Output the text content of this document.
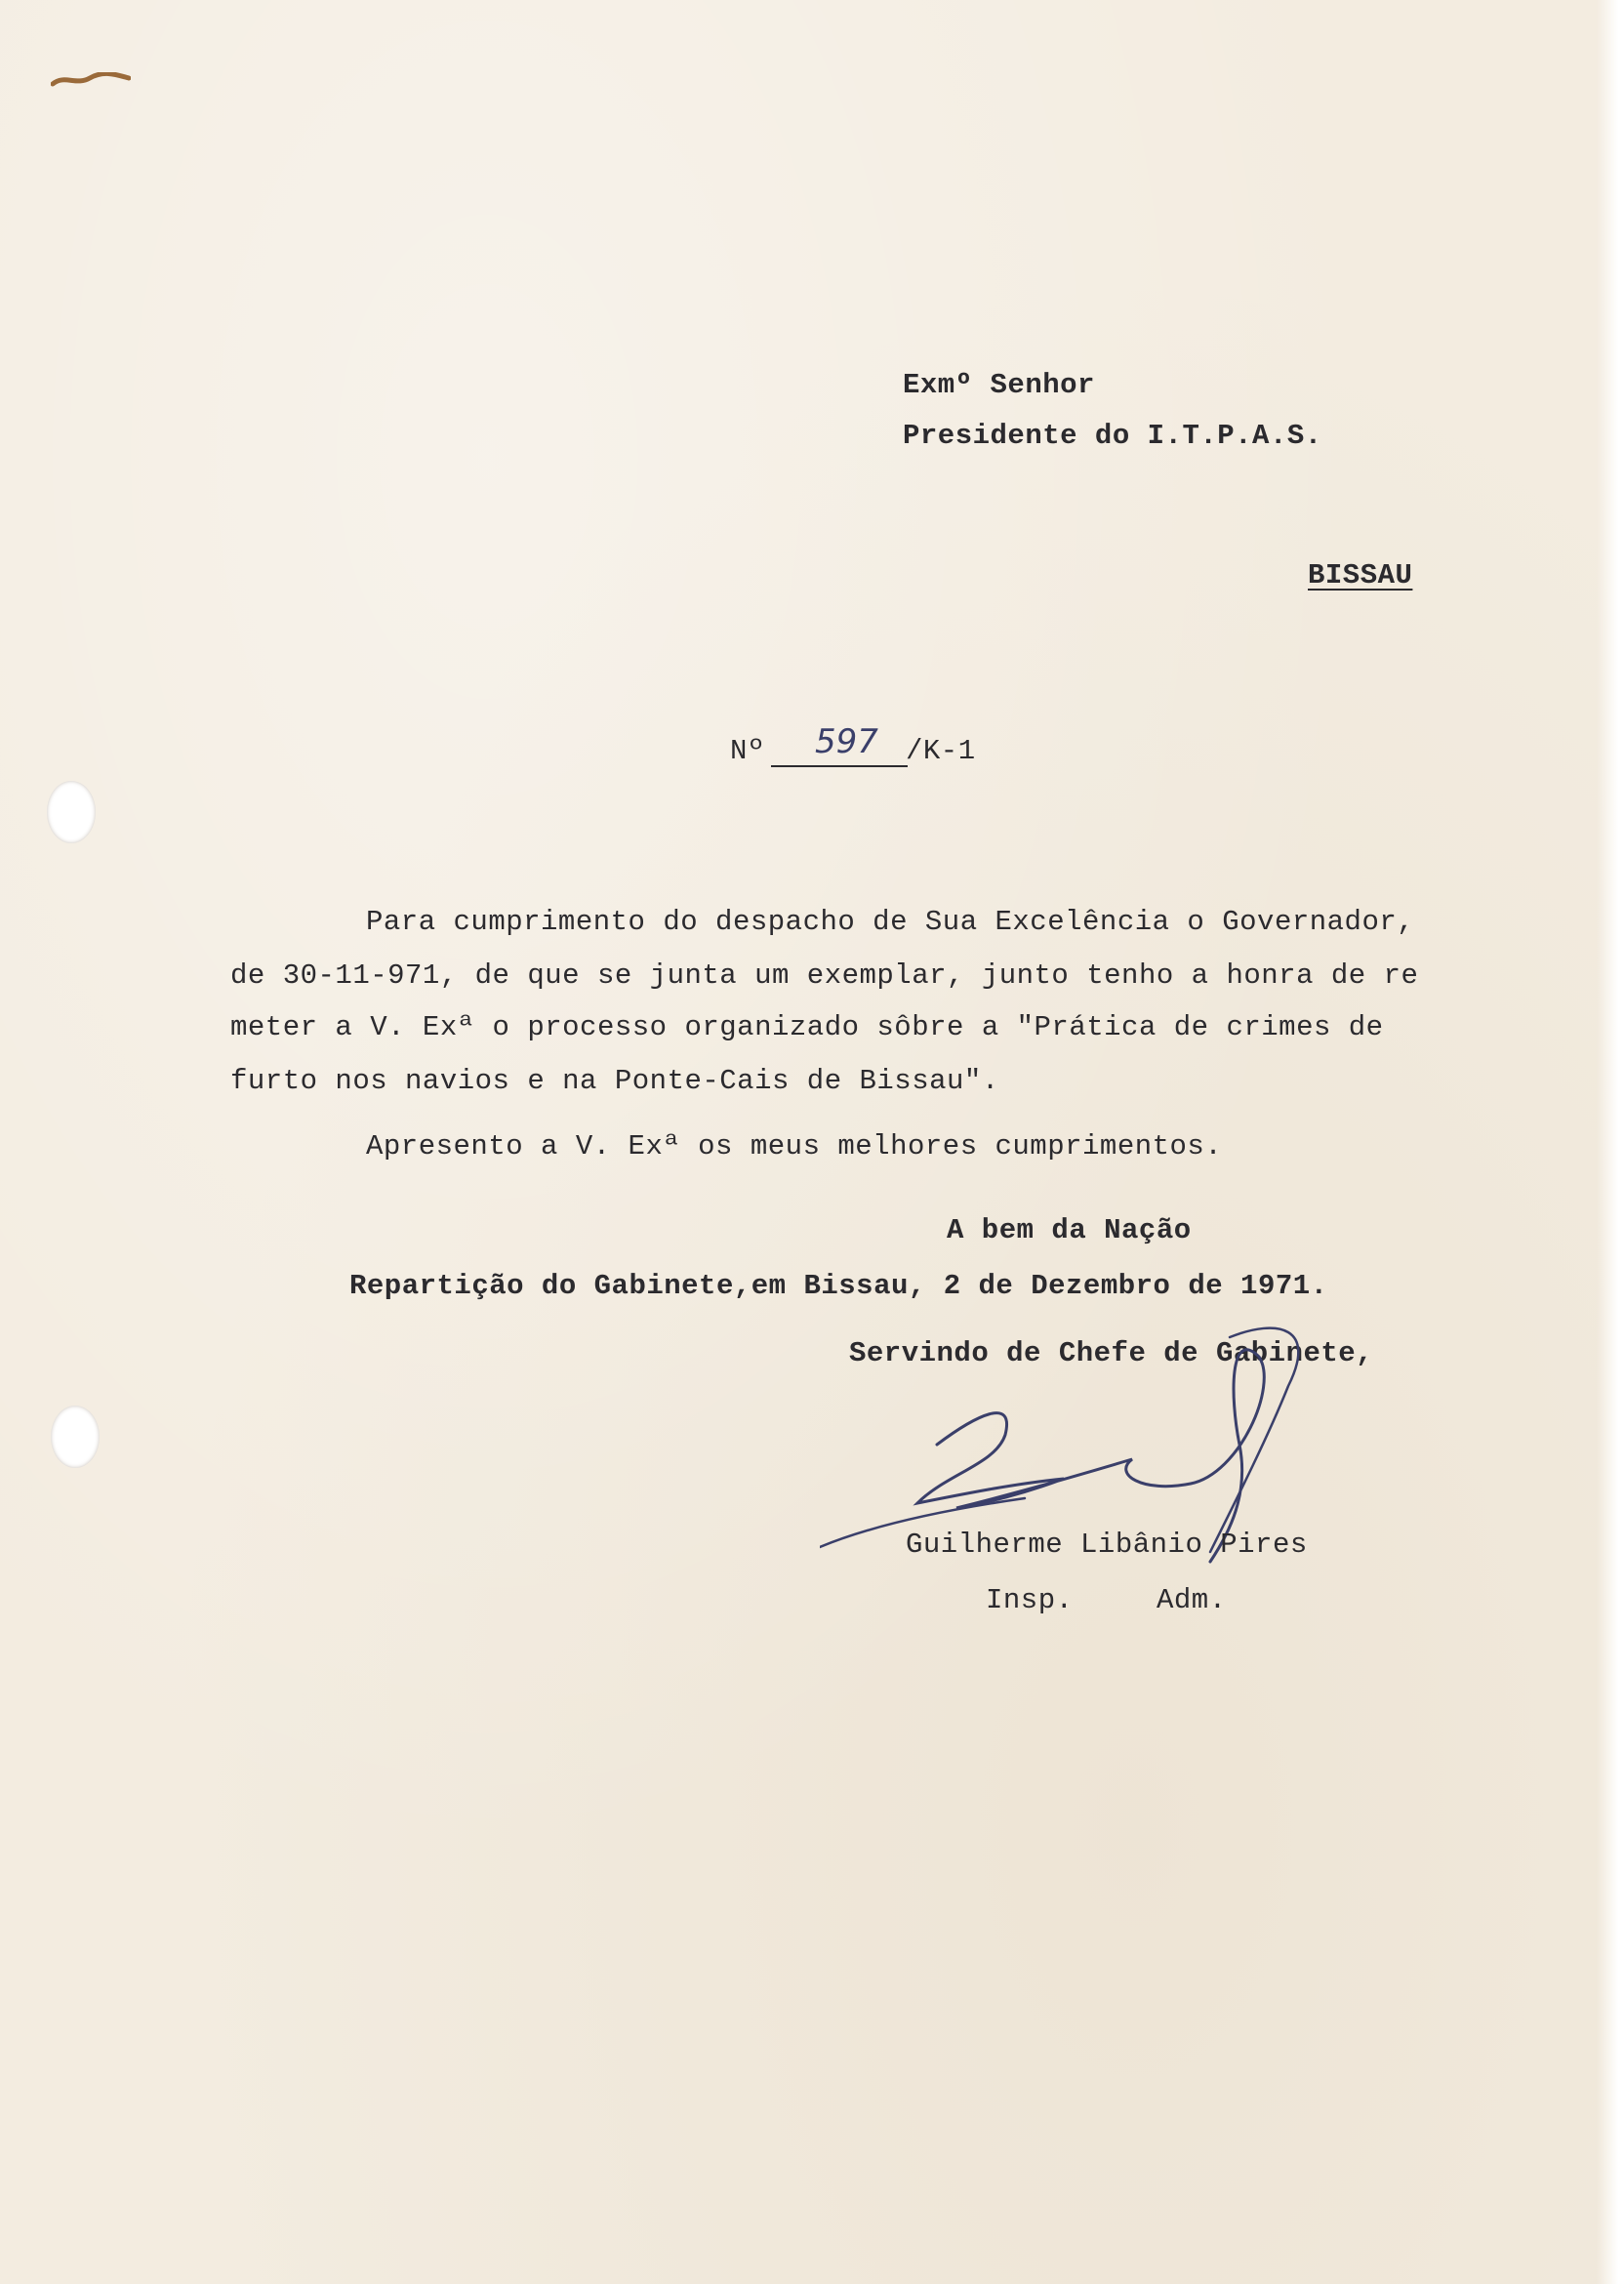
Exmº Senhor
Presidente do I.T.P.A.S.
BISSAU
Nº 597 /K-1
Para cumprimento do despacho de Sua Excelência o Governador,
de 30-11-971, de que se junta um exemplar, junto tenho a honra de re
meter a V. Exª o processo organizado sôbre a "Prática de crimes de
furto nos navios e na Ponte-Cais de Bissau".
Apresento a V. Exª os meus melhores cumprimentos.
A bem da Nação
Repartição do Gabinete,em Bissau, 2 de Dezembro de 1971.
Servindo de Chefe de Gabinete,
Guilherme Libânio Pires
Insp.	Adm.
